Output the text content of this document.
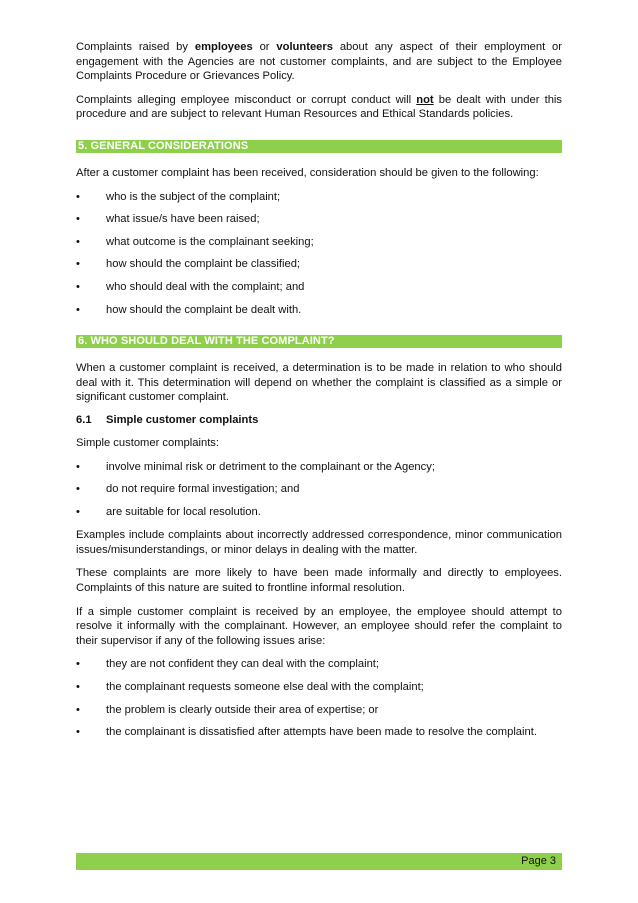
Complaints raised by employees or volunteers about any aspect of their employment or engagement with the Agencies are not customer complaints, and are subject to the Employee Complaints Procedure or Grievances Policy.

Complaints alleging employee misconduct or corrupt conduct will not be dealt with under this procedure and are subject to relevant Human Resources and Ethical Standards policies.

5. GENERAL CONSIDERATIONS

After a customer complaint has been received, consideration should be given to the following:

• who is the subject of the complaint;
• what issue/s have been raised;
• what outcome is the complainant seeking;
• how should the complaint be classified;
• who should deal with the complaint; and
• how should the complaint be dealt with.
6. WHO SHOULD DEAL WITH THE COMPLAINT?

When a customer complaint is received, a determination is to be made in relation to who should deal with it. This determination will depend on whether the complaint is classified as a simple or significant customer complaint.

6.1 Simple customer complaints

Simple customer complaints:

• involve minimal risk or detriment to the complainant or the Agency;
• do not require formal investigation; and
• are suitable for local resolution.

Examples include complaints about incorrectly addressed correspondence, minor communication issues/misunderstandings, or minor delays in dealing with the matter.

These complaints are more likely to have been made informally and directly to employees. Complaints of this nature are suited to frontline informal resolution.

If a simple customer complaint is received by an employee, the employee should attempt to resolve it informally with the complainant. However, an employee should refer the complaint to their supervisor if any of the following issues arise:

• they are not confident they can deal with the complaint;
• the complainant requests someone else deal with the complaint;
• the problem is clearly outside their area of expertise; or
• the complainant is dissatisfied after attempts have been made to resolve the complaint.
Page 3
